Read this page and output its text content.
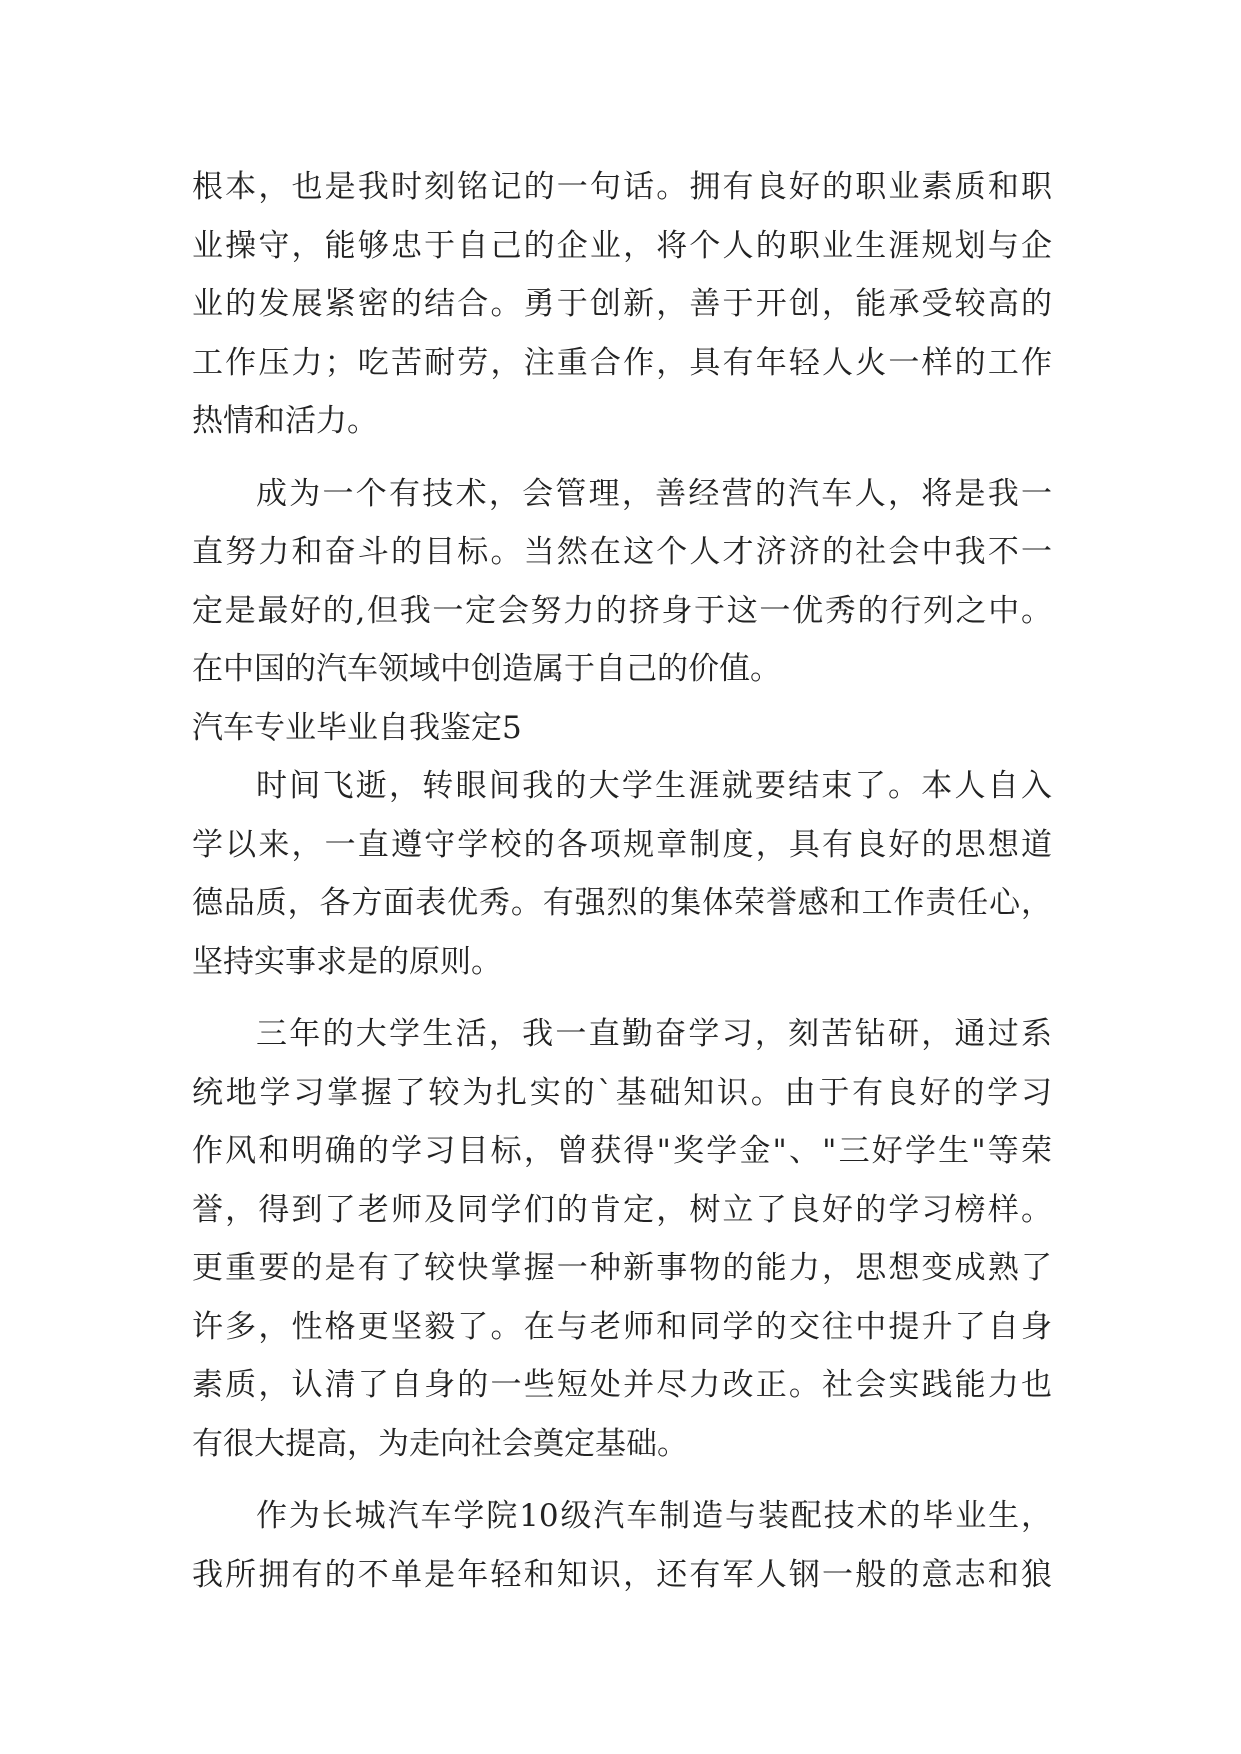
根本，也是我时刻铭记的一句话。拥有良好的职业素质和职
业操守，能够忠于自己的企业，将个人的职业生涯规划与企
业的发展紧密的结合。勇于创新，善于开创，能承受较高的
工作压力；吃苦耐劳，注重合作，具有年轻人火一样的工作
热情和活力。
成为一个有技术，会管理，善经营的汽车人，将是我一
直努力和奋斗的目标。当然在这个人才济济的社会中我不一
定是最好的,但我一定会努力的挤身于这一优秀的行列之中。
在中国的汽车领域中创造属于自己的价值。
汽车专业毕业自我鉴定5
时间飞逝，转眼间我的大学生涯就要结束了。本人自入
学以来，一直遵守学校的各项规章制度，具有良好的思想道
德品质，各方面表优秀。有强烈的集体荣誉感和工作责任心，
坚持实事求是的原则。
三年的大学生活，我一直勤奋学习，刻苦钻研，通过系
统地学习掌握了较为扎实的`基础知识。由于有良好的学习
作风和明确的学习目标，曾获得"奖学金"、"三好学生"等荣
誉，得到了老师及同学们的肯定，树立了良好的学习榜样。
更重要的是有了较快掌握一种新事物的能力，思想变成熟了
许多，性格更坚毅了。在与老师和同学的交往中提升了自身
素质，认清了自身的一些短处并尽力改正。社会实践能力也
有很大提高，为走向社会奠定基础。
作为长城汽车学院10级汽车制造与装配技术的毕业生，
我所拥有的不单是年轻和知识，还有军人钢一般的意志和狼
